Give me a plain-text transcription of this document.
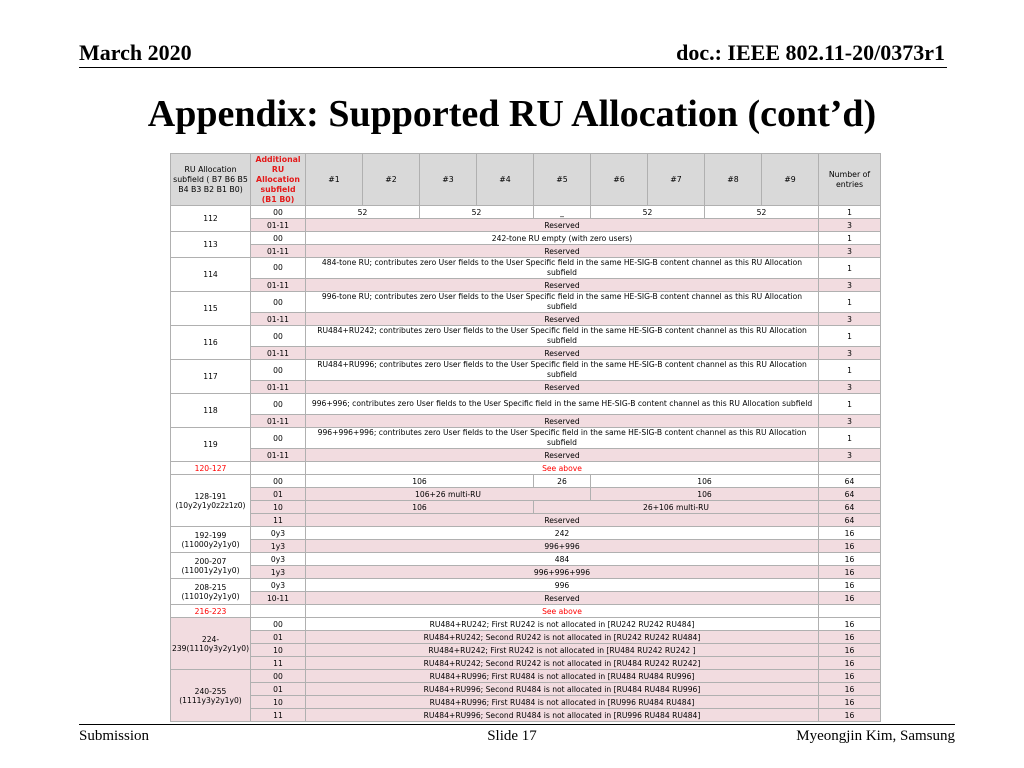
March 2020	doc.: IEEE 802.11-20/0373r1
Appendix: Supported RU Allocation (cont’d)
RU Allocation subfield ( B7 B6 B5 B4 B3 B2 B1 B0)	Additional RU Allocation subfield (B1 B0)	#1	#2	#3	#4	#5	#6	#7	#8	#9	Number of entries
112	00	52		52		_	52		52		1
	01-11	Reserved									3
113	00	242-tone RU empty (with zero users)									1
	01-11	Reserved									3
114	00	484-tone RU; contributes zero User fields to the User Specific field in the same HE-SIG-B content channel as this RU Allocation subfield									1
	01-11	Reserved									3
115	00	996-tone RU; contributes zero User fields to the User Specific field in the same HE-SIG-B content channel as this RU Allocation subfield									1
	01-11	Reserved									3
116	00	RU484+RU242; contributes zero User fields to the User Specific field in the same HE-SIG-B content channel as this RU Allocation subfield									1
	01-11	Reserved									3
117	00	RU484+RU996; contributes zero User fields to the User Specific field in the same HE-SIG-B content channel as this RU Allocation subfield									1
	01-11	Reserved									3
118	00	996+996; contributes zero User fields to the User Specific field in the same HE-SIG-B content channel as this RU Allocation subfield									1
	01-11	Reserved									3
119	00	996+996+996; contributes zero User fields to the User Specific field in the same HE-SIG-B content channel as this RU Allocation subfield									1
	01-11	Reserved									3
120-127		See above									
128-191 (10y2y1y0z2z1z0)	00	106				26	106				64
	01	106+26 multi-RU					106				64
	10	106				26+106 multi-RU					64
	11	Reserved									64
192-199 (11000y2y1y0)	0y3	242									16
	1y3	996+996									16
200-207 (11001y2y1y0)	0y3	484									16
	1y3	996+996+996									16
208-215 (11010y2y1y0)	0y3	996									16
	10-11	Reserved									16
216-223		See above									
224-239(1110y3y2y1y0)	00	RU484+RU242; First RU242 is not allocated in [RU242 RU242 RU484]									16
	01	RU484+RU242; Second RU242 is not allocated in [RU242 RU242 RU484]									16
	10	RU484+RU242; First RU242 is not allocated in [RU484 RU242 RU242 ]									16
	11	RU484+RU242; Second RU242 is not allocated in [RU484 RU242 RU242]									16
240-255 (1111y3y2y1y0)	00	RU484+RU996; First RU484 is not allocated in [RU484 RU484 RU996]									16
	01	RU484+RU996; Second RU484 is not allocated in [RU484 RU484 RU996]									16
	10	RU484+RU996; First RU484 is not allocated in [RU996 RU484 RU484]									16
	11	RU484+RU996; Second RU484 is not allocated in [RU996 RU484 RU484]									16
Submission	Slide 17	Myeongjin Kim, Samsung
